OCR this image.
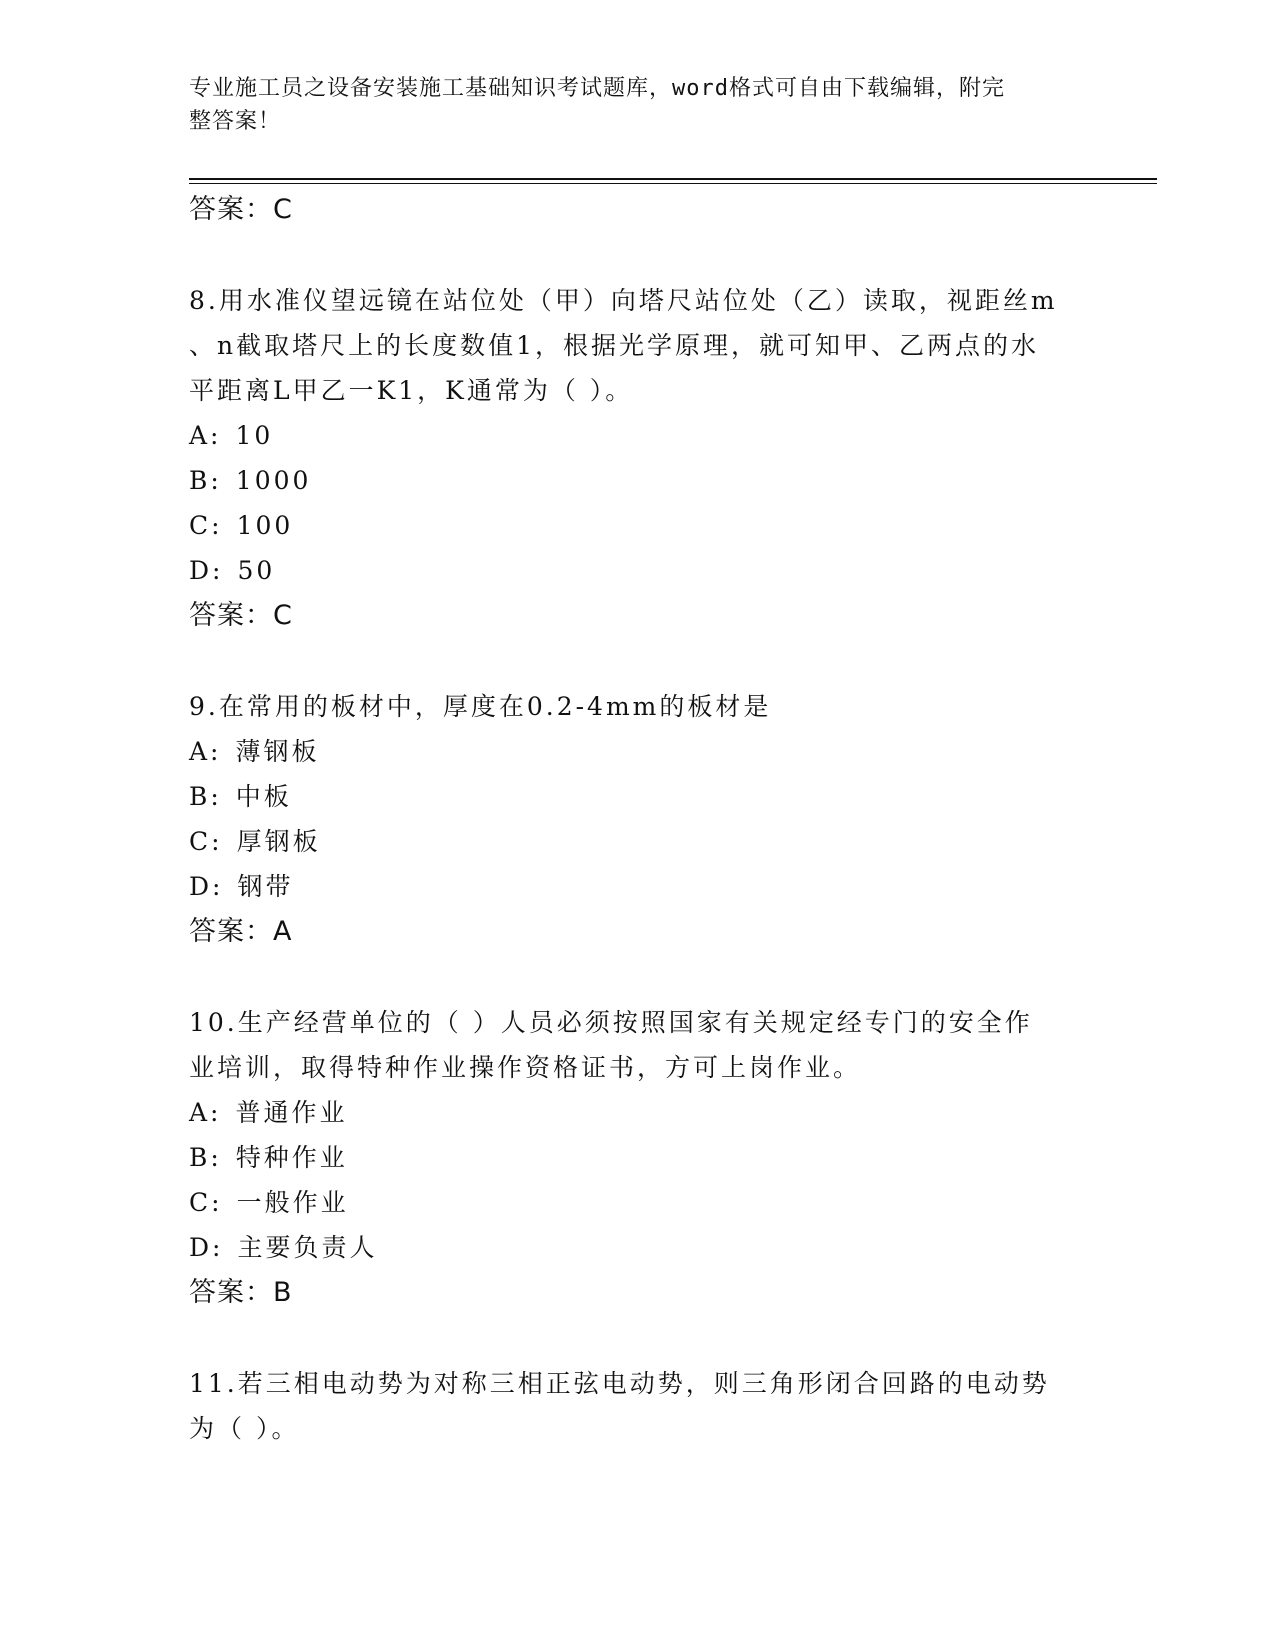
专业施工员之设备安装施工基础知识考试题库，word格式可自由下载编辑，附完
整答案！
答案：C
8.用水准仪望远镜在站位处（甲）向塔尺站位处（乙）读取，视距丝m
、n截取塔尺上的长度数值1，根据光学原理，就可知甲、乙两点的水
平距离L甲乙一K1，K通常为（ ）。
A: 10
B: 1000
C: 100
D: 50
答案：C
9.在常用的板材中，厚度在0.2-4mm的板材是
A: 薄钢板
B: 中板
C: 厚钢板
D: 钢带
答案：A
10.生产经营单位的（ ）人员必须按照国家有关规定经专门的安全作
业培训，取得特种作业操作资格证书，方可上岗作业。
A: 普通作业
B: 特种作业
C: 一般作业
D: 主要负责人
答案：B
11.若三相电动势为对称三相正弦电动势，则三角形闭合回路的电动势
为（ ）。
